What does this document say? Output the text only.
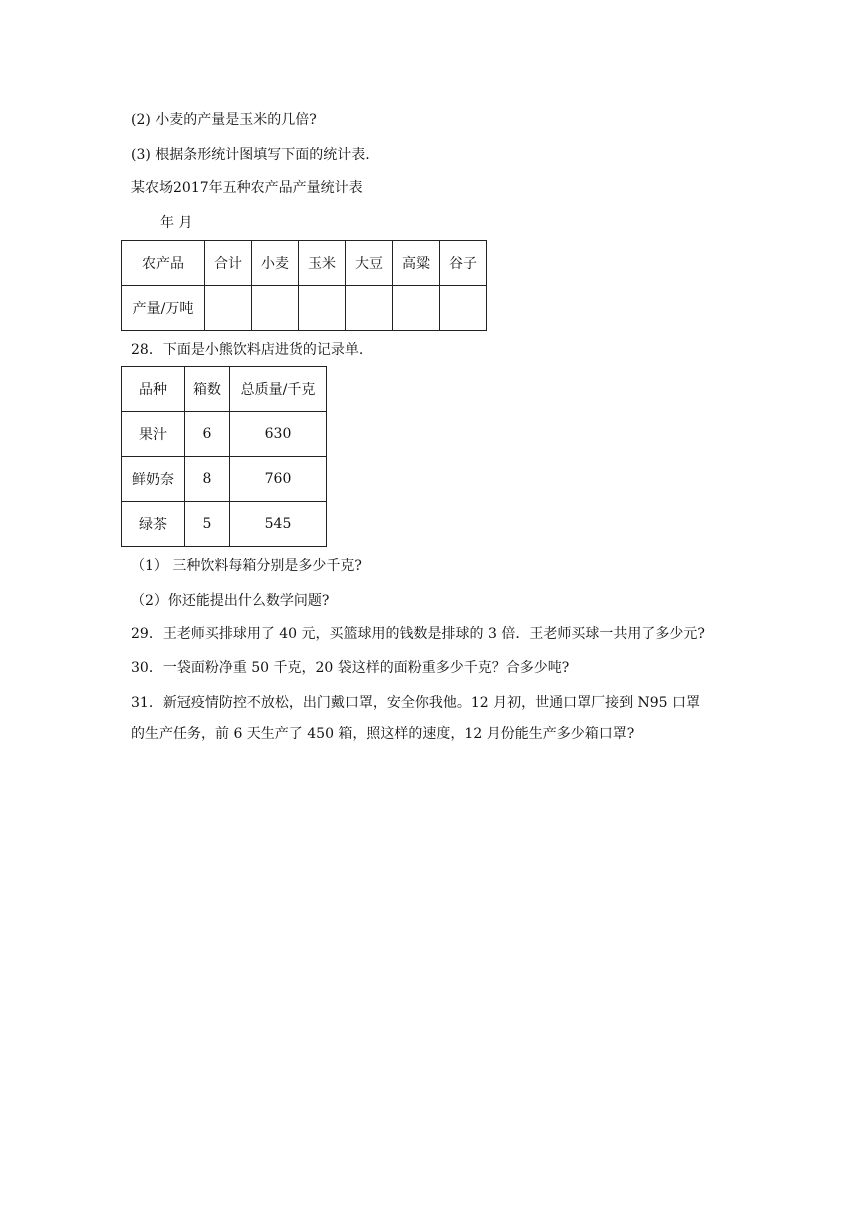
(2) 小麦的产量是玉米的几倍?
(3) 根据条形统计图填写下面的统计表.
某农场2017年五种农产品产量统计表
年 月
农产品	合计	小麦	玉米	大豆	高粱	谷子
产量/万吨						
28．下面是小熊饮料店进货的记录单.
品种	箱数	总质量/千克
果汁	6	630
鲜奶奈	8	760
绿茶	5	545
（1） 三种饮料每箱分别是多少千克?
（2）你还能提出什么数学问题?
29．王老师买排球用了 40 元，买篮球用的钱数是排球的 3 倍．王老师买球一共用了多少元?
30．一袋面粉净重 50 千克，20 袋这样的面粉重多少千克？合多少吨?
31．新冠疫情防控不放松，出门戴口罩，安全你我他。12 月初，世通口罩厂接到 N95 口罩
的生产任务，前 6 天生产了 450 箱，照这样的速度，12 月份能生产多少箱口罩?
